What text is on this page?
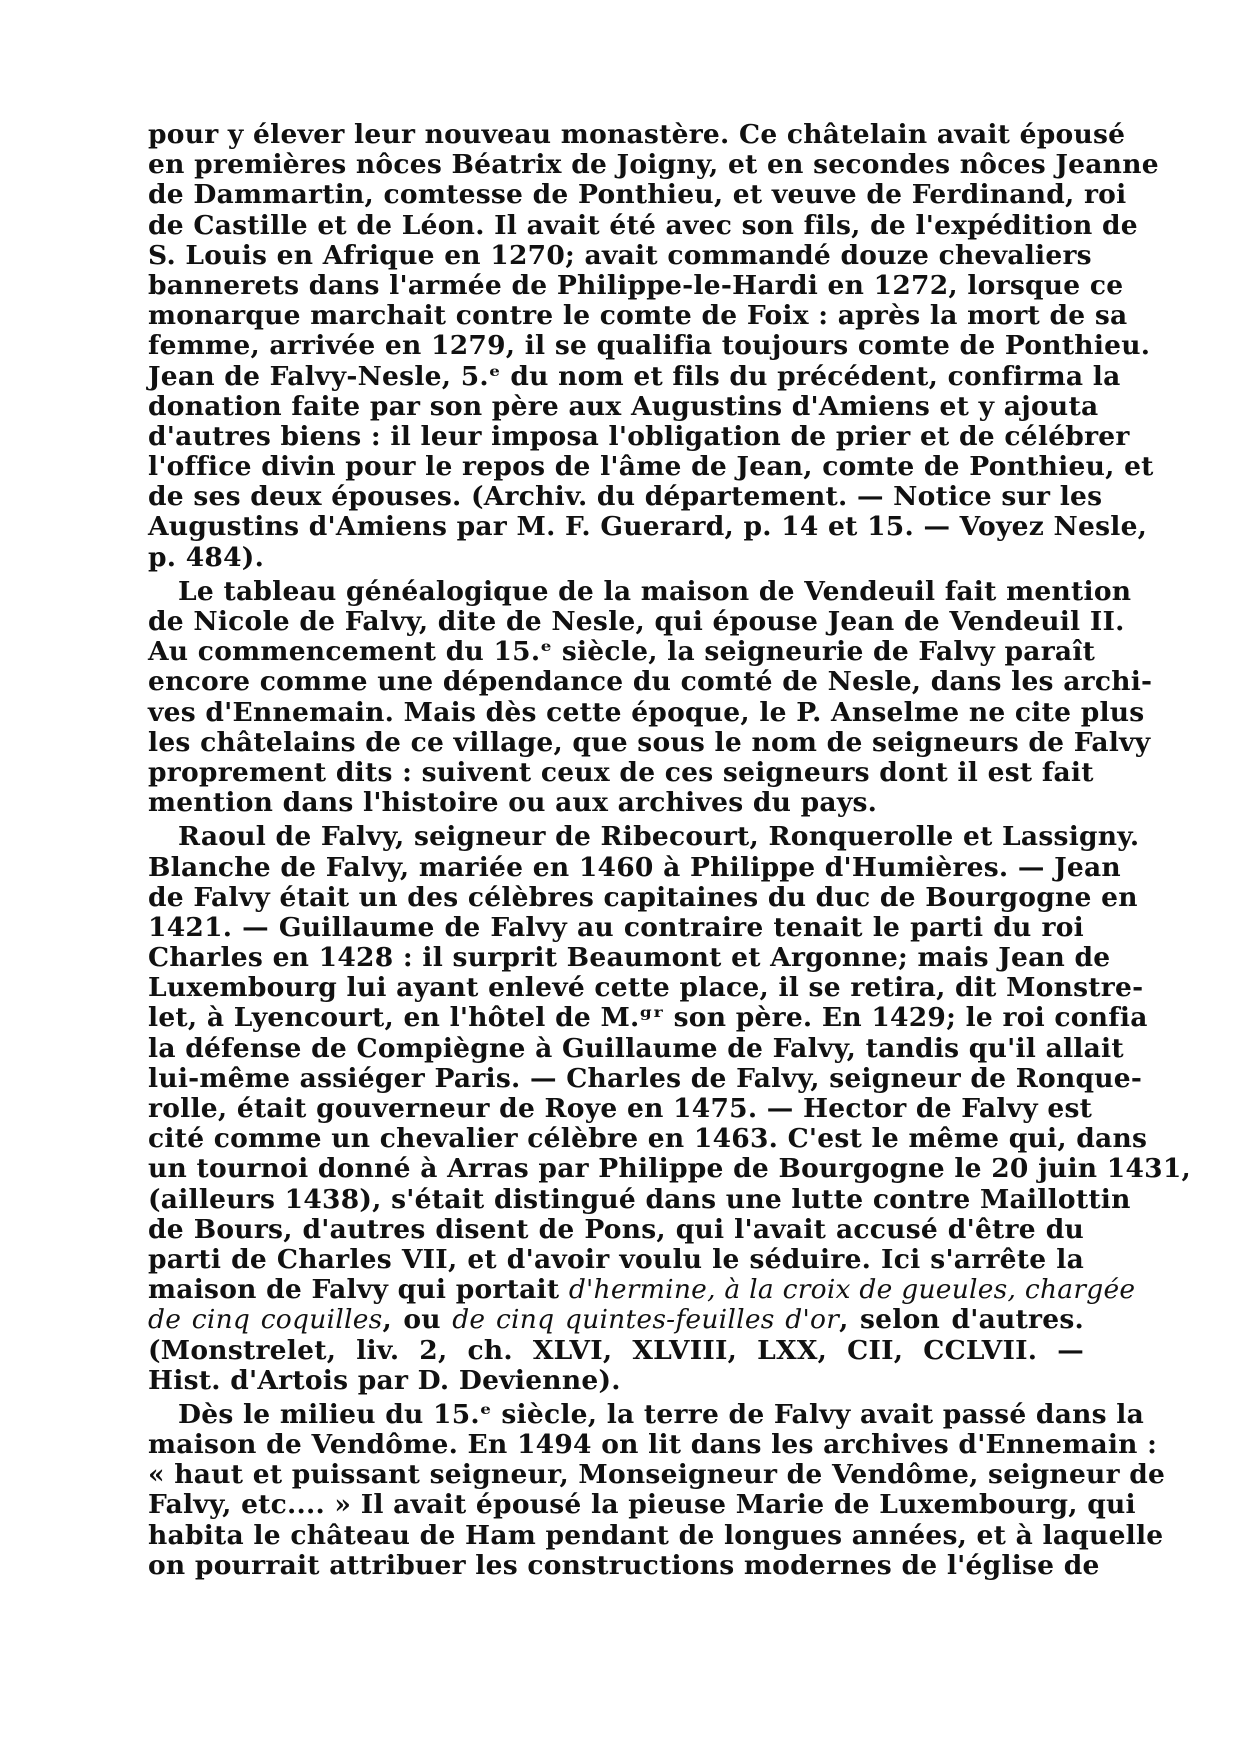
pour y élever leur nouveau monastère. Ce châtelain avait épousé
en premières nôces Béatrix de Joigny, et en secondes nôces Jeanne
de Dammartin, comtesse de Ponthieu, et veuve de Ferdinand, roi
de Castille et de Léon. Il avait été avec son fils, de l'expédition de
S. Louis en Afrique en 1270; avait commandé douze chevaliers
bannerets dans l'armée de Philippe-le-Hardi en 1272, lorsque ce
monarque marchait contre le comte de Foix : après la mort de sa
femme, arrivée en 1279, il se qualifia toujours comte de Ponthieu.
Jean de Falvy-Nesle, 5.ᵉ du nom et fils du précédent, confirma la
donation faite par son père aux Augustins d'Amiens et y ajouta
d'autres biens : il leur imposa l'obligation de prier et de célébrer
l'office divin pour le repos de l'âme de Jean, comte de Ponthieu, et
de ses deux épouses. (Archiv. du département. — Notice sur les
Augustins d'Amiens par M. F. Guerard, p. 14 et 15. — Voyez Nesle,
p. 484).
Le tableau généalogique de la maison de Vendeuil fait mention
de Nicole de Falvy, dite de Nesle, qui épouse Jean de Vendeuil II.
Au commencement du 15.ᵉ siècle, la seigneurie de Falvy paraît
encore comme une dépendance du comté de Nesle, dans les archi-
ves d'Ennemain. Mais dès cette époque, le P. Anselme ne cite plus
les châtelains de ce village, que sous le nom de seigneurs de Falvy
proprement dits : suivent ceux de ces seigneurs dont il est fait
mention dans l'histoire ou aux archives du pays.
Raoul de Falvy, seigneur de Ribecourt, Ronquerolle et Lassigny.
Blanche de Falvy, mariée en 1460 à Philippe d'Humières. — Jean
de Falvy était un des célèbres capitaines du duc de Bourgogne en
1421. — Guillaume de Falvy au contraire tenait le parti du roi
Charles en 1428 : il surprit Beaumont et Argonne; mais Jean de
Luxembourg lui ayant enlevé cette place, il se retira, dit Monstre-
let, à Lyencourt, en l'hôtel de M.ᵍʳ son père. En 1429; le roi confia
la défense de Compiègne à Guillaume de Falvy, tandis qu'il allait
lui-même assiéger Paris. — Charles de Falvy, seigneur de Ronque-
rolle, était gouverneur de Roye en 1475. — Hector de Falvy est
cité comme un chevalier célèbre en 1463. C'est le même qui, dans
un tournoi donné à Arras par Philippe de Bourgogne le 20 juin 1431,
(ailleurs 1438), s'était distingué dans une lutte contre Maillottin
de Bours, d'autres disent de Pons, qui l'avait accusé d'être du
parti de Charles VII, et d'avoir voulu le séduire. Ici s'arrête la
maison de Falvy qui portait d'hermine, à la croix de gueules, chargée
de cinq coquilles, ou de cinq quintes-feuilles d'or, selon d'autres.
(Monstrelet, liv. 2, ch. XLVI, XLVIII, LXX, CII, CCLVII. —
Hist. d'Artois par D. Devienne).
Dès le milieu du 15.ᵉ siècle, la terre de Falvy avait passé dans la
maison de Vendôme. En 1494 on lit dans les archives d'Ennemain :
« haut et puissant seigneur, Monseigneur de Vendôme, seigneur de
Falvy, etc.... » Il avait épousé la pieuse Marie de Luxembourg, qui
habita le château de Ham pendant de longues années, et à laquelle
on pourrait attribuer les constructions modernes de l'église de
